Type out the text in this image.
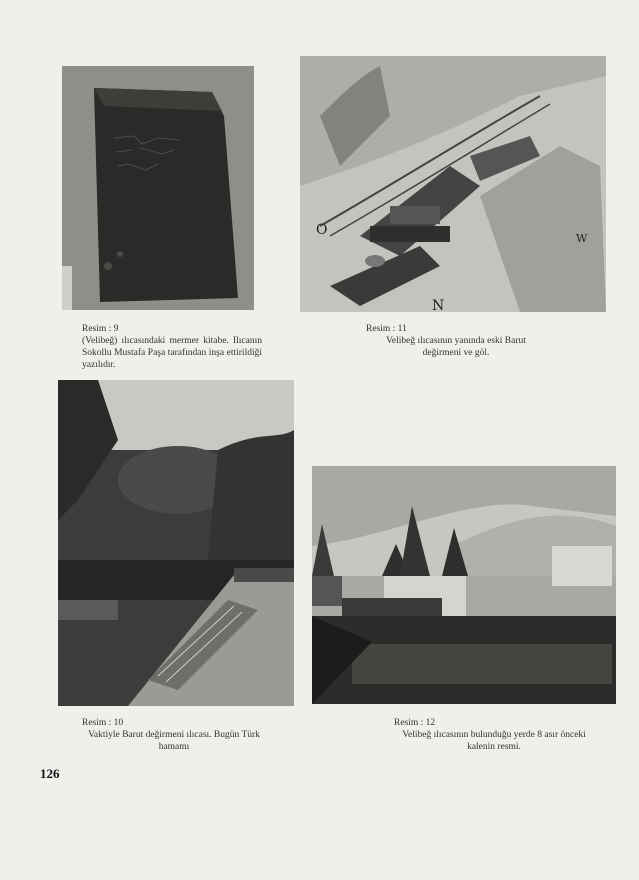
O
N
W
Resim : 9
(Velibeğ) ılıcasındaki mermer kitabe. Ilıcanın Sokollu Mustafa Paşa tarafından inşa ettirildiği yazılıdır.
Resim : 11
Velibeğ ılıcasının yanında eski Barut değirmeni ve göl.
Resim : 10
Vaktiyle Barut değirmeni ılıcası. Bugün Türk hamamı
Resim : 12
Velibeğ ılıcasının bulunduğu yerde 8 asır önceki kalenin resmi.
126
